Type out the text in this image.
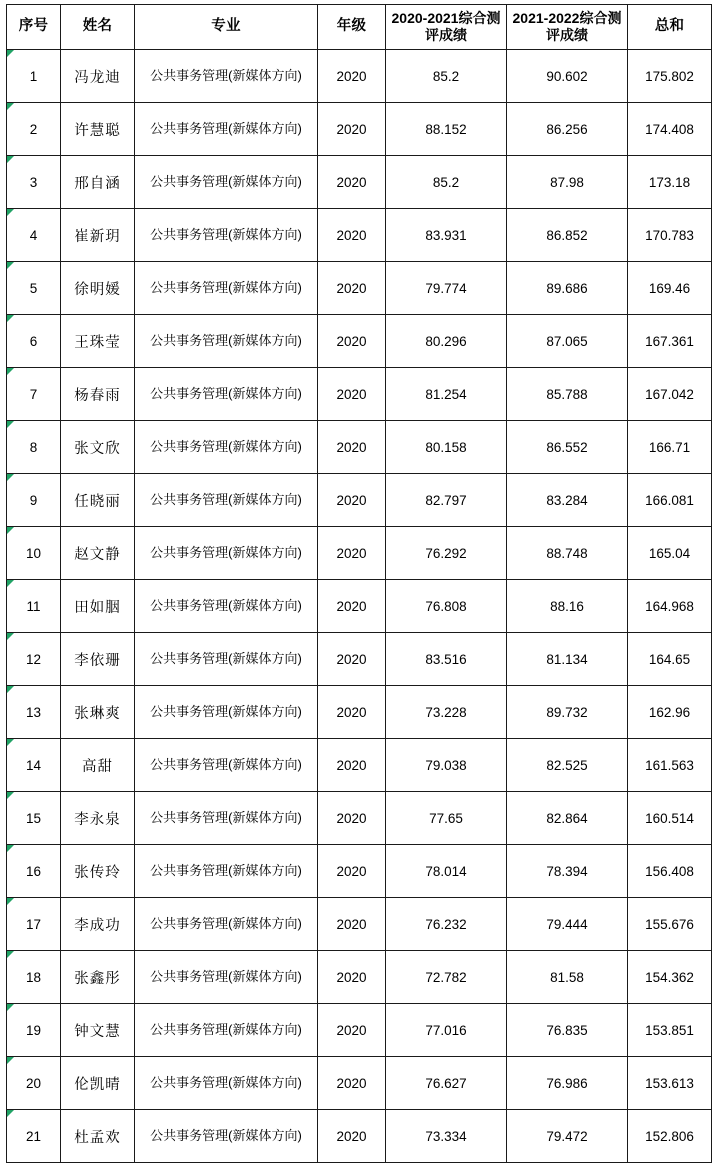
序号	姓名	专业	年级	2020-2021综合测评成绩	2021-2022综合测评成绩	总和
1	冯龙迪	公共事务管理(新媒体方向)	2020	85.2	90.602	175.802
2	许慧聪	公共事务管理(新媒体方向)	2020	88.152	86.256	174.408
3	邢自涵	公共事务管理(新媒体方向)	2020	85.2	87.98	173.18
4	崔新玥	公共事务管理(新媒体方向)	2020	83.931	86.852	170.783
5	徐明媛	公共事务管理(新媒体方向)	2020	79.774	89.686	169.46
6	王珠莹	公共事务管理(新媒体方向)	2020	80.296	87.065	167.361
7	杨春雨	公共事务管理(新媒体方向)	2020	81.254	85.788	167.042
8	张文欣	公共事务管理(新媒体方向)	2020	80.158	86.552	166.71
9	任晓丽	公共事务管理(新媒体方向)	2020	82.797	83.284	166.081
10	赵文静	公共事务管理(新媒体方向)	2020	76.292	88.748	165.04
11	田如胭	公共事务管理(新媒体方向)	2020	76.808	88.16	164.968
12	李依珊	公共事务管理(新媒体方向)	2020	83.516	81.134	164.65
13	张琳爽	公共事务管理(新媒体方向)	2020	73.228	89.732	162.96
14	高甜	公共事务管理(新媒体方向)	2020	79.038	82.525	161.563
15	李永泉	公共事务管理(新媒体方向)	2020	77.65	82.864	160.514
16	张传玲	公共事务管理(新媒体方向)	2020	78.014	78.394	156.408
17	李成功	公共事务管理(新媒体方向)	2020	76.232	79.444	155.676
18	张鑫彤	公共事务管理(新媒体方向)	2020	72.782	81.58	154.362
19	钟文慧	公共事务管理(新媒体方向)	2020	77.016	76.835	153.851
20	伦凯晴	公共事务管理(新媒体方向)	2020	76.627	76.986	153.613
21	杜孟欢	公共事务管理(新媒体方向)	2020	73.334	79.472	152.806
